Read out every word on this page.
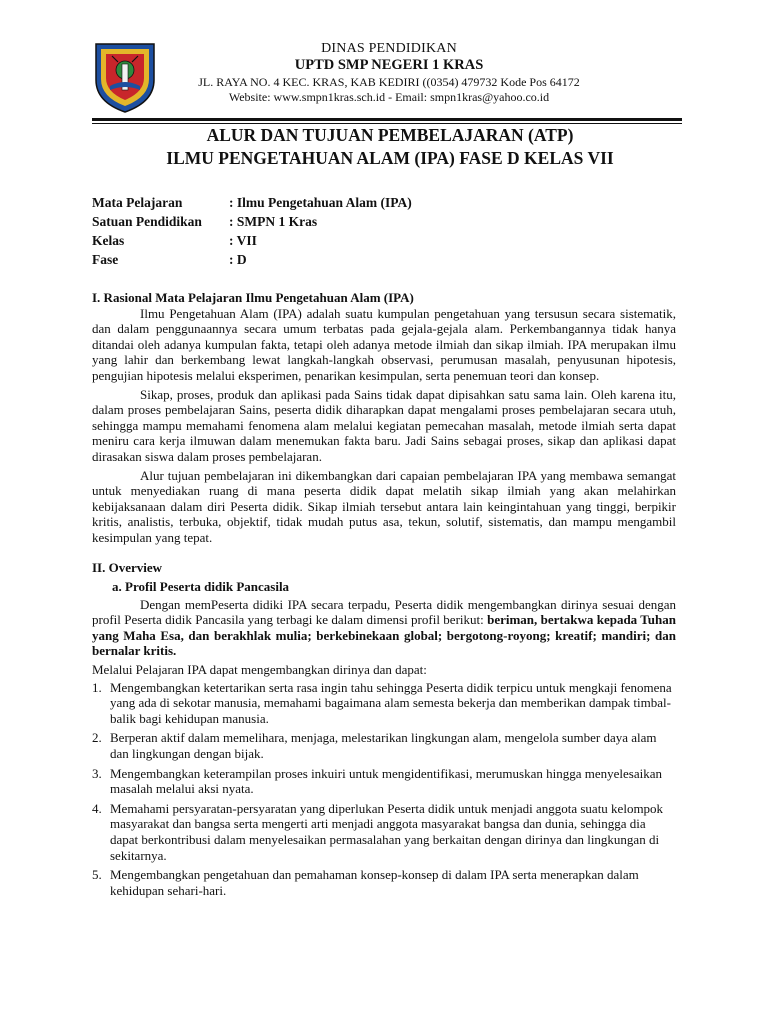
DINAS PENDIDIKAN
UPTD SMP NEGERI 1 KRAS
JL. RAYA NO. 4 KEC. KRAS, KAB KEDIRI ((0354) 479732 Kode Pos 64172
Website: www.smpn1kras.sch.id - Email: smpn1kras@yahoo.co.id
ALUR DAN TUJUAN PEMBELAJARAN (ATP)
ILMU PENGETAHUAN ALAM (IPA) FASE D KELAS VII
Mata Pelajaran	: Ilmu Pengetahuan Alam (IPA)
Satuan Pendidikan	: SMPN 1 Kras
Kelas	: VII
Fase	: D
I. Rasional Mata Pelajaran Ilmu Pengetahuan Alam (IPA)

Ilmu Pengetahuan Alam (IPA) adalah suatu kumpulan pengetahuan yang tersusun secara sistematik, dan dalam penggunaannya secara umum terbatas pada gejala-gejala alam. Perkembangannya tidak hanya ditandai oleh adanya kumpulan fakta, tetapi oleh adanya metode ilmiah dan sikap ilmiah. IPA merupakan ilmu yang lahir dan berkembang lewat langkah-langkah observasi, perumusan masalah, penyusunan hipotesis, pengujian hipotesis melalui eksperimen, penarikan kesimpulan, serta penemuan teori dan konsep.

Sikap, proses, produk dan aplikasi pada Sains tidak dapat dipisahkan satu sama lain. Oleh karena itu, dalam proses pembelajaran Sains, peserta didik diharapkan dapat mengalami proses pembelajaran secara utuh, sehingga mampu memahami fenomena alam melalui kegiatan pemecahan masalah, metode ilmiah serta dapat meniru cara kerja ilmuwan dalam menemukan fakta baru. Jadi Sains sebagai proses, sikap dan aplikasi dapat dirasakan siswa dalam proses pembelajaran.

Alur tujuan pembelajaran ini dikembangkan dari capaian pembelajaran IPA yang membawa semangat untuk menyediakan ruang di mana peserta didik dapat melatih sikap ilmiah yang akan melahirkan kebijaksanaan dalam diri Peserta didik. Sikap ilmiah tersebut antara lain keingintahuan yang tinggi, berpikir kritis, analistis, terbuka, objektif, tidak mudah putus asa, tekun, solutif, sistematis, dan mampu mengambil kesimpulan yang tepat.

II. Overview
a. Profil Peserta didik Pancasila

Dengan memPeserta didiki IPA secara terpadu, Peserta didik mengembangkan dirinya sesuai dengan profil Peserta didik Pancasila yang terbagi ke dalam dimensi profil berikut: beriman, bertakwa kepada Tuhan yang Maha Esa, dan berakhlak mulia; berkebinekaan global; bergotong-royong; kreatif; mandiri; dan bernalar kritis.

Melalui Pelajaran IPA dapat mengembangkan dirinya dan dapat:

1. Mengembangkan ketertarikan serta rasa ingin tahu sehingga Peserta didik terpicu untuk mengkaji fenomena yang ada di sekotar manusia, memahami bagaimana alam semesta bekerja dan memberikan dampak timbal-balik bagi kehidupan manusia.
2. Berperan aktif dalam memelihara, menjaga, melestarikan lingkungan alam, mengelola sumber daya alam dan lingkungan dengan bijak.
3. Mengembangkan keterampilan proses inkuiri untuk mengidentifikasi, merumuskan hingga menyelesaikan masalah melalui aksi nyata.
4. Memahami persyaratan-persyaratan yang diperlukan Peserta didik untuk menjadi anggota suatu kelompok masyarakat dan bangsa serta mengerti arti menjadi anggota masyarakat bangsa dan dunia, sehingga dia dapat berkontribusi dalam menyelesaikan permasalahan yang berkaitan dengan dirinya dan lingkungan di sekitarnya.
5. Mengembangkan pengetahuan dan pemahaman konsep-konsep di dalam IPA serta menerapkan dalam kehidupan sehari-hari.
